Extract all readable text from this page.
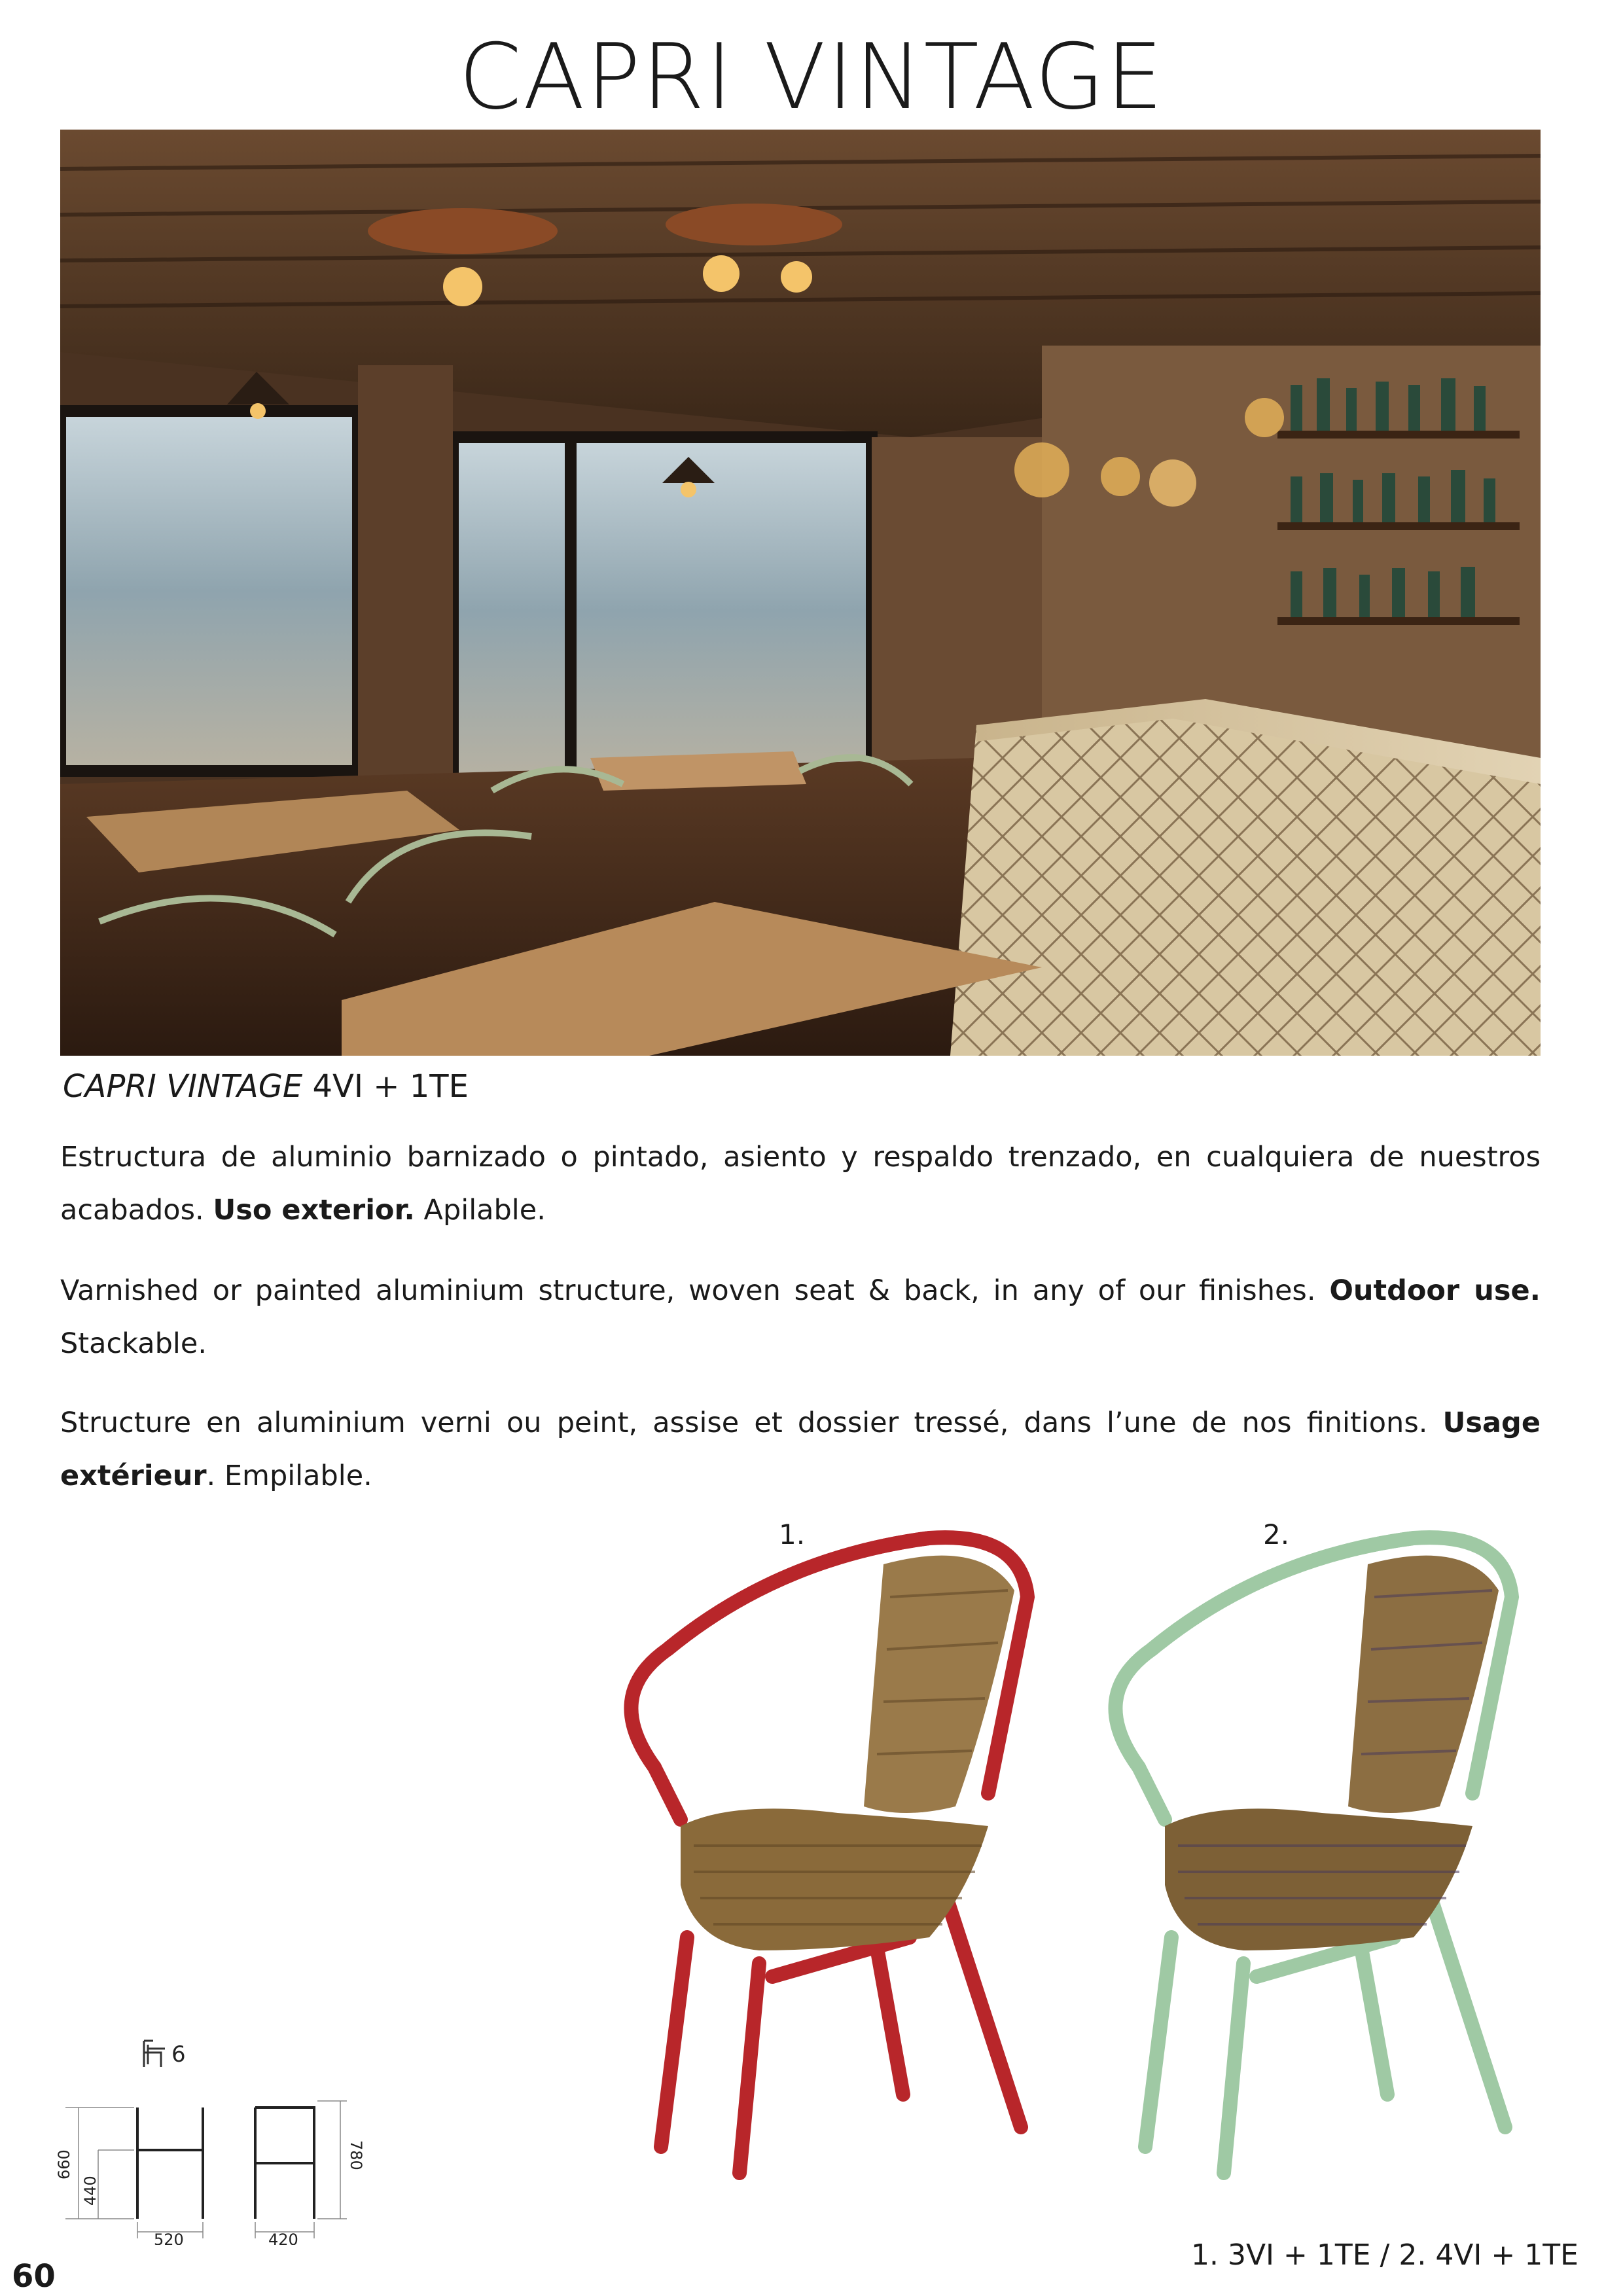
CAPRI VINTAGE
CAPRI VINTAGE 4VI + 1TE
Estructura de aluminio barnizado o pintado, asiento y respaldo trenzado, en cualquiera de nuestros acabados. Uso exterior. Apilable.
Varnished or painted aluminium structure, woven seat & back, in any of our finishes. Outdoor use. Stackable.
Structure en aluminium verni ou peint, assise et dossier tressé, dans l’une de nos finitions. Usage extérieur. Empilable.
1.	2.
6
660
440
520	420
780
1. 3VI + 1TE / 2. 4VI + 1TE
60
